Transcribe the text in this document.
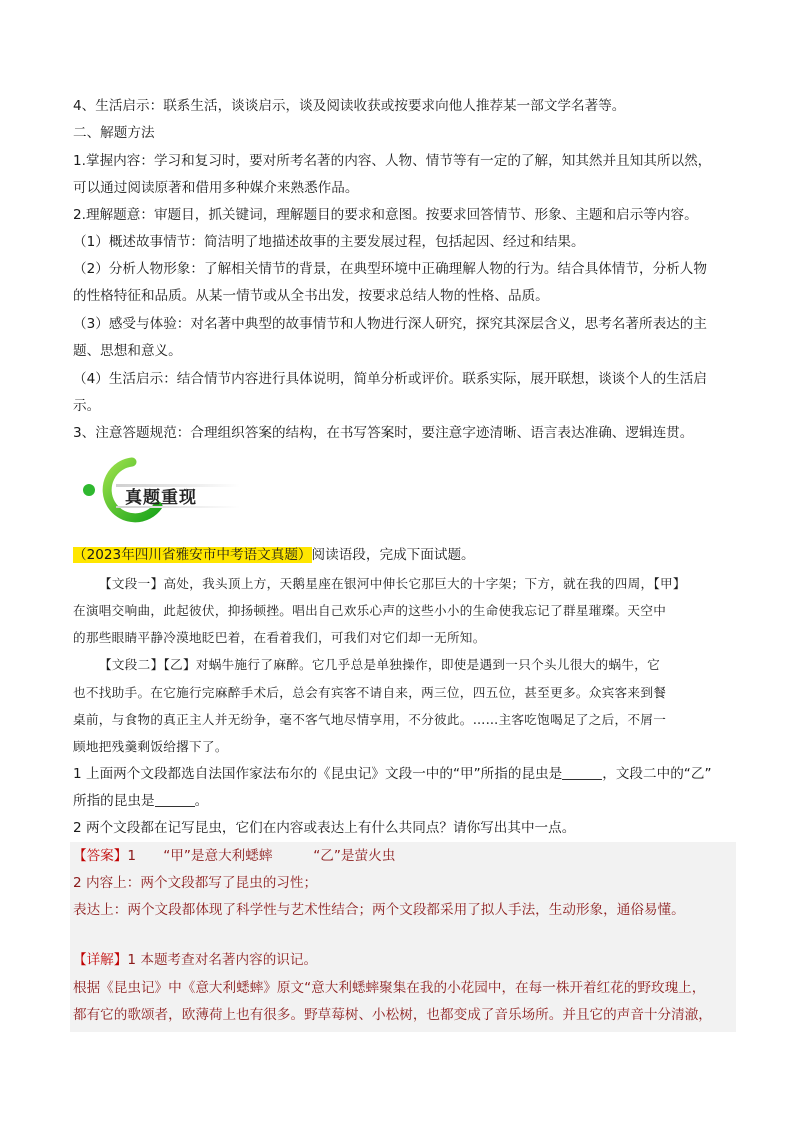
4、生活启示：联系生活，谈谈启示，谈及阅读收获或按要求向他人推荐某一部文学名著等。
二、解题方法
1.掌握内容：学习和复习时，要对所考名著的内容、人物、情节等有一定的了解，知其然并且知其所以然，
可以通过阅读原著和借用多种媒介来熟悉作品。
2.理解题意：审题目，抓关键词，理解题目的要求和意图。按要求回答情节、形象、主题和启示等内容。
（1）概述故事情节：简洁明了地描述故事的主要发展过程，包括起因、经过和结果。
（2）分析人物形象：了解相关情节的背景，在典型环境中正确理解人物的行为。结合具体情节，分析人物
的性格特征和品质。从某一情节或从全书出发，按要求总结人物的性格、品质。
（3）感受与体验：对名著中典型的故事情节和人物进行深人研究，探究其深层含义，思考名著所表达的主
题、思想和意义。
（4）生活启示：结合情节内容进行具体说明，简单分析或评价。联系实际，展开联想，谈谈个人的生活启
示。
3、注意答题规范：合理组织答案的结构，在书写答案时，要注意字迹清晰、语言表达准确、逻辑连贯。
真题重现
（2023年四川省雅安市中考语文真题）阅读语段，完成下面试题。
【文段一】高处，我头顶上方，天鹅星座在银河中伸长它那巨大的十字架；下方，就在我的四周，【甲】
在演唱交响曲，此起彼伏，抑扬顿挫。唱出自己欢乐心声的这些小小的生命使我忘记了群星璀璨。天空中
的那些眼睛平静冷漠地眨巴着，在看着我们，可我们对它们却一无所知。
【文段二】【乙】对蜗牛施行了麻醉。它几乎总是单独操作，即使是遇到一只个头儿很大的蜗牛，它
也不找助手。在它施行完麻醉手术后，总会有宾客不请自来，两三位，四五位，甚至更多。众宾客来到餐
桌前，与食物的真正主人并无纷争，毫不客气地尽情享用，不分彼此。……主客吃饱喝足了之后，不屑一
顾地把残羹剩饭给撂下了。
1 上面两个文段都选自法国作家法布尔的《昆虫记》文段一中的“甲”所指的昆虫是	，文段二中的“乙”
所指的昆虫是	。
2 两个文段都在记写昆虫，它们在内容或表达上有什么共同点？请你写出其中一点。
【答案】1　　“甲”是意大利蟋蟀　　　“乙”是萤火虫
2 内容上：两个文段都写了昆虫的习性；
表达上：两个文段都体现了科学性与艺术性结合；两个文段都采用了拟人手法，生动形象，通俗易懂。
【详解】1 本题考查对名著内容的识记。
根据《昆虫记》中《意大利蟋蟀》原文“意大利蟋蟀聚集在我的小花园中，在每一株开着红花的野玫瑰上，
都有它的歌颂者，欧薄荷上也有很多。野草莓树、小松树，也都变成了音乐场所。并且它的声音十分清澈，
